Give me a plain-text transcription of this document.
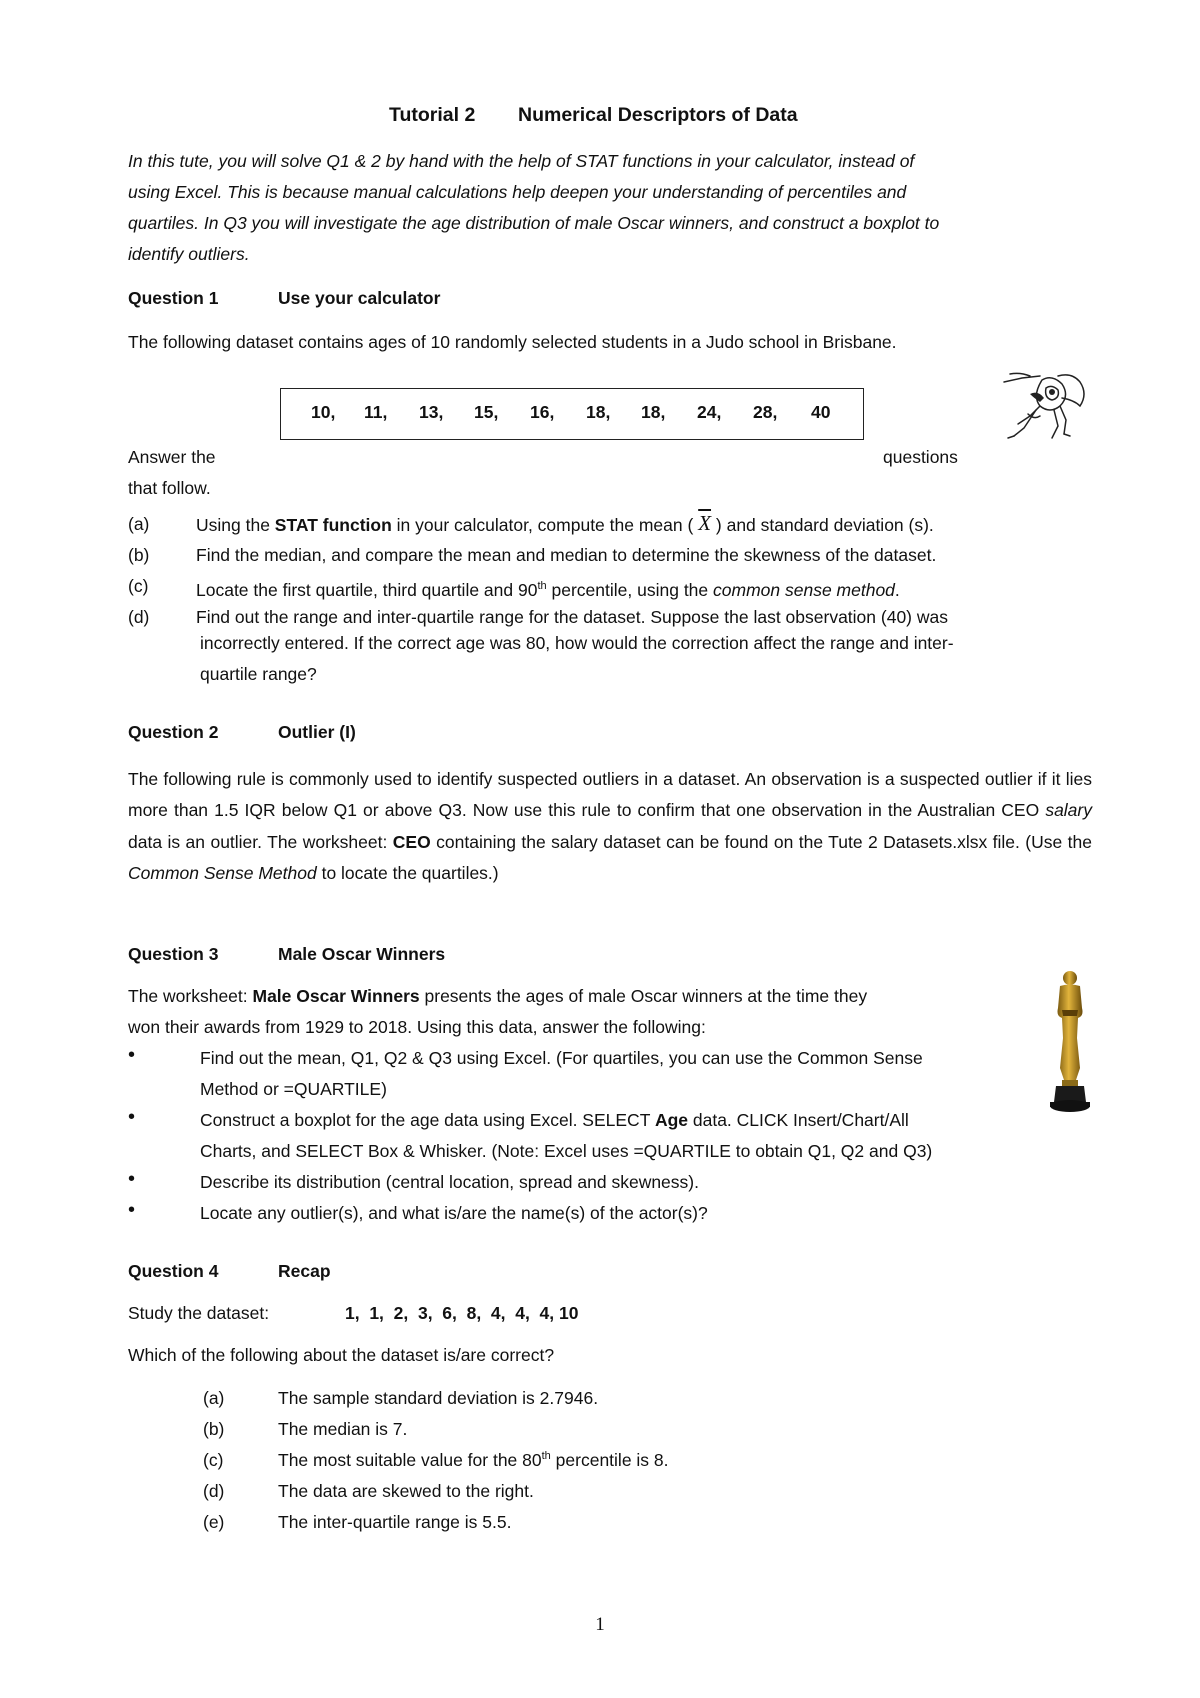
Tutorial 2 Numerical Descriptors of Data
In this tute, you will solve Q1 & 2 by hand with the help of STAT functions in your calculator, instead of
using Excel. This is because manual calculations help deepen your understanding of percentiles and
quartiles. In Q3 you will investigate the age distribution of male Oscar winners, and construct a boxplot to
identify outliers.
Question 1	Use your calculator
The following dataset contains ages of 10 randomly selected students in a Judo school in Brisbane.
10, 11, 13, 15, 16, 18, 18, 24, 28, 40
Answer the	questions
that follow.
(a)	Using the STAT function in your calculator, compute the mean ( $\overline{X}$ ) and standard deviation (s).
(b)	Find the median, and compare the mean and median to determine the skewness of the dataset.
(c)	Locate the first quartile, third quartile and 90th percentile, using the common sense method.
(d)	Find out the range and inter-quartile range for the dataset. Suppose the last observation (40) was
incorrectly entered. If the correct age was 80, how would the correction affect the range and inter-
quartile range?
Question 2	Outlier (I)
The following rule is commonly used to identify suspected outliers in a dataset. An observation is a suspected outlier if it lies more than 1.5 IQR below Q1 or above Q3. Now use this rule to confirm that one observation in the Australian CEO salary data is an outlier. The worksheet: CEO containing the salary dataset can be found on the Tute 2 Datasets.xlsx file. (Use the Common Sense Method to locate the quartiles.)
Question 3	Male Oscar Winners
The worksheet: Male Oscar Winners presents the ages of male Oscar winners at the time they
won their awards from 1929 to 2018. Using this data, answer the following:
•	Find out the mean, Q1, Q2 & Q3 using Excel. (For quartiles, you can use the Common Sense
Method or =QUARTILE)
•	Construct a boxplot for the age data using Excel. SELECT Age data. CLICK Insert/Chart/All
Charts, and SELECT Box & Whisker. (Note: Excel uses =QUARTILE to obtain Q1, Q2 and Q3)
•	Describe its distribution (central location, spread and skewness).
•	Locate any outlier(s), and what is/are the name(s) of the actor(s)?
Question 4	Recap
Study the dataset:	1,  1,  2,  3,  6,  8,  4,  4,  4, 10
Which of the following about the dataset is/are correct?
(a)	The sample standard deviation is 2.7946.
(b)	The median is 7.
(c)	The most suitable value for the 80th percentile is 8.
(d)	The data are skewed to the right.
(e)	The inter-quartile range is 5.5.
1
